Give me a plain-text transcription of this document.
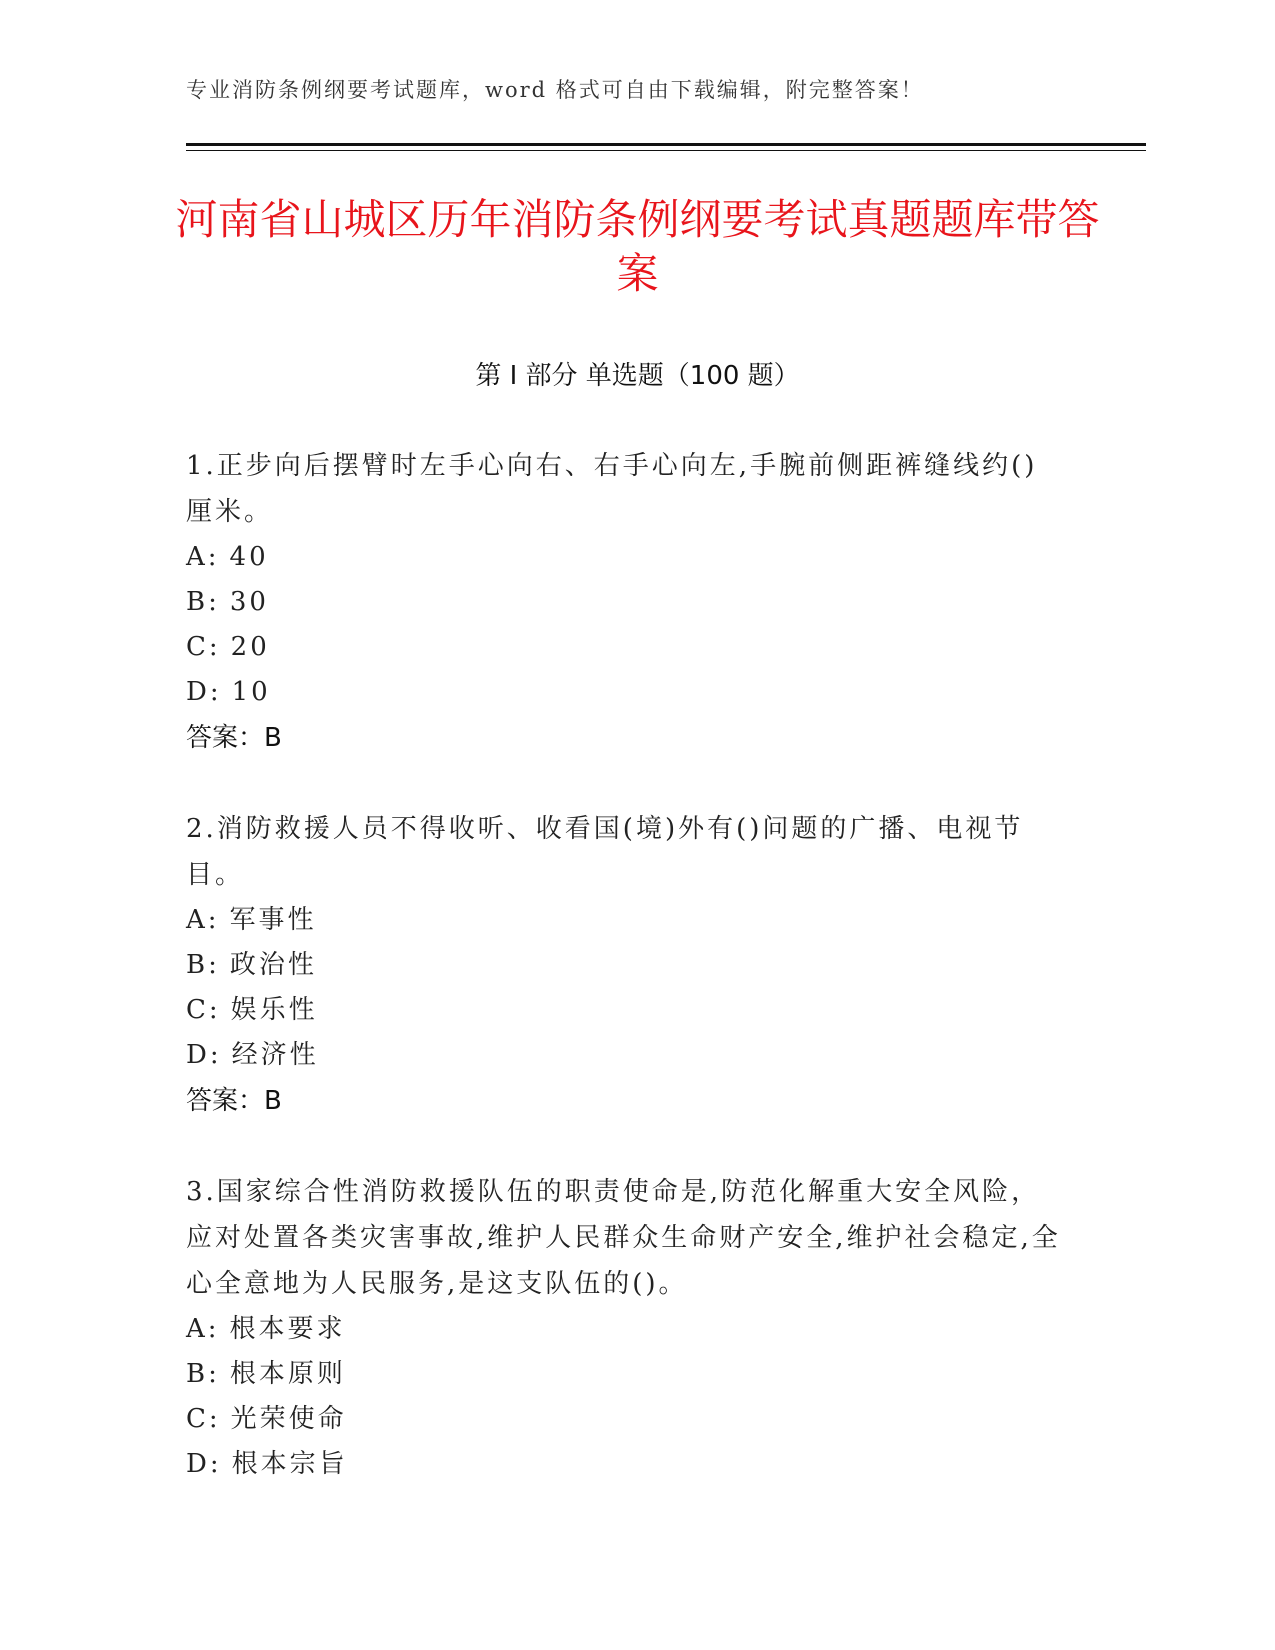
专业消防条例纲要考试题库，word 格式可自由下载编辑，附完整答案！
河南省山城区历年消防条例纲要考试真题题库带答案
第 I 部分 单选题（100 题）
1.正步向后摆臂时左手心向右、右手心向左,手腕前侧距裤缝线约()厘米。
A: 40
B: 30
C: 20
D: 10
答案：B
2.消防救援人员不得收听、收看国(境)外有()问题的广播、电视节目。
A: 军事性
B: 政治性
C: 娱乐性
D: 经济性
答案：B
3.国家综合性消防救援队伍的职责使命是,防范化解重大安全风险，应对处置各类灾害事故,维护人民群众生命财产安全,维护社会稳定,全心全意地为人民服务,是这支队伍的()。
A: 根本要求
B: 根本原则
C: 光荣使命
D: 根本宗旨
